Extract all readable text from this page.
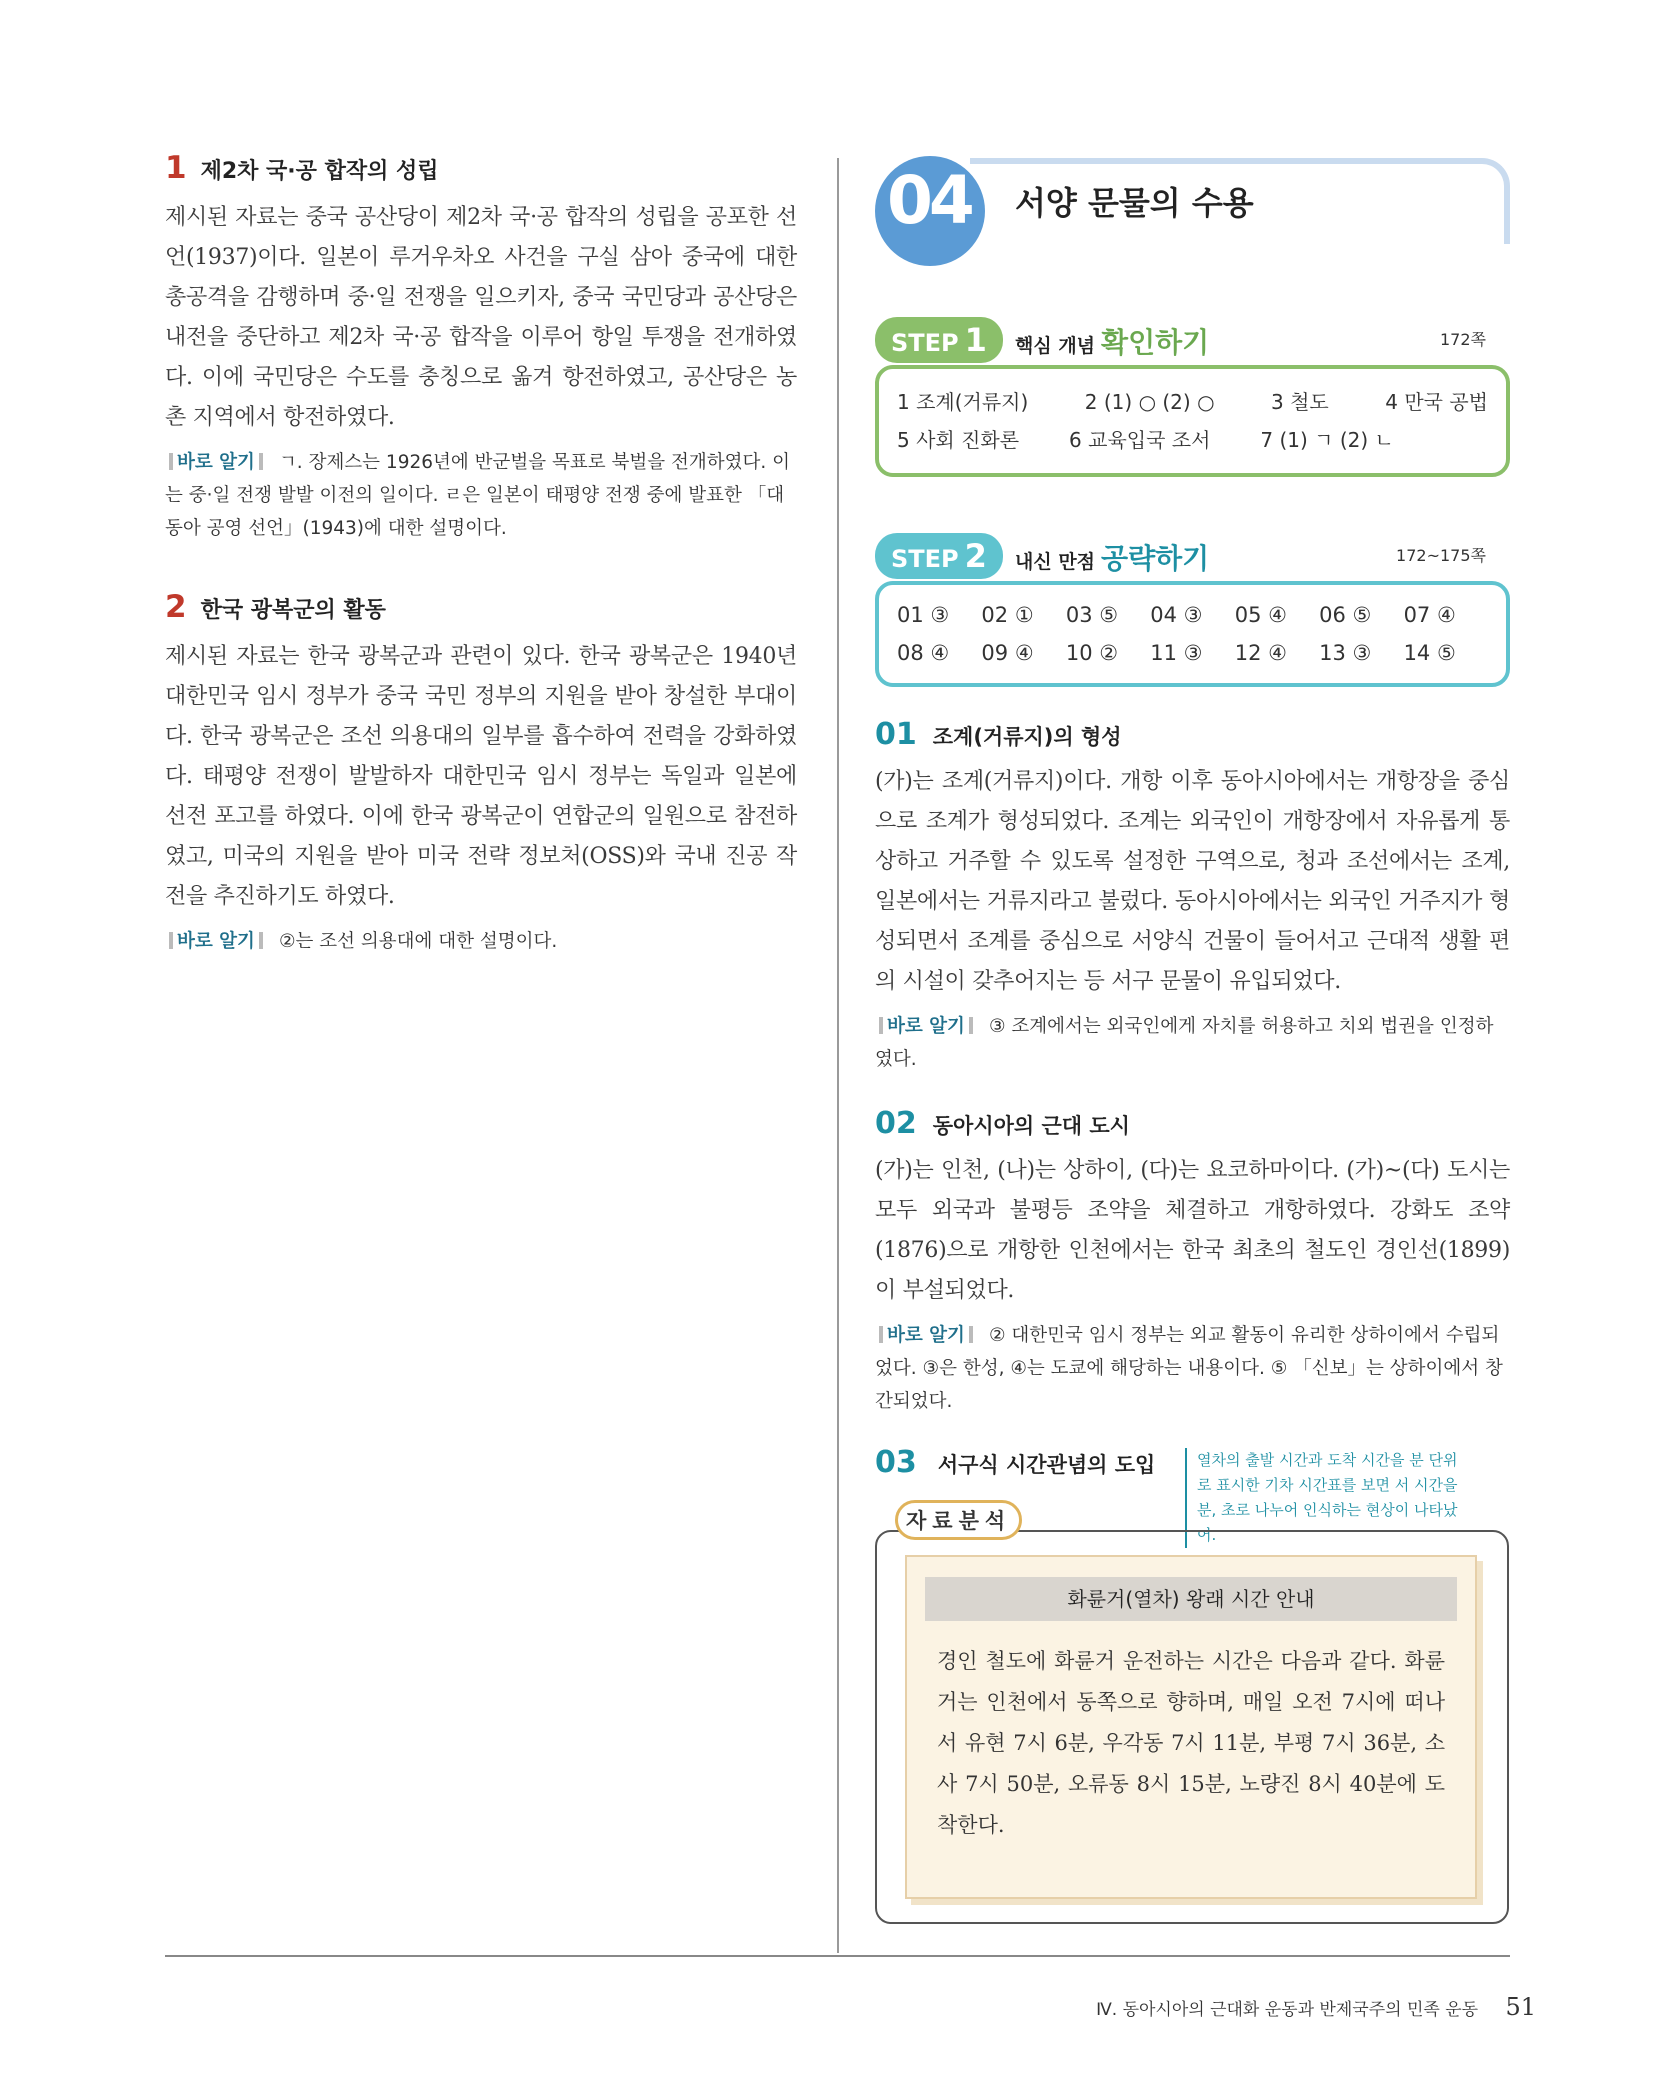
1 제2차 국·공 합작의 성립
제시된 자료는 중국 공산당이 제2차 국·공 합작의 성립을 공포한 선언(1937)이다. 일본이 루거우차오 사건을 구실 삼아 중국에 대한 총공격을 감행하며 중·일 전쟁을 일으키자, 중국 국민당과 공산당은 내전을 중단하고 제2차 국·공 합작을 이루어 항일 투쟁을 전개하였다. 이에 국민당은 수도를 충칭으로 옮겨 항전하였고, 공산당은 농촌 지역에서 항전하였다.
바로 알기 ㄱ. 장제스는 1926년에 반군벌을 목표로 북벌을 전개하였다. 이는 중·일 전쟁 발발 이전의 일이다. ㄹ은 일본이 태평양 전쟁 중에 발표한 「대동아 공영 선언」(1943)에 대한 설명이다.
2 한국 광복군의 활동
제시된 자료는 한국 광복군과 관련이 있다. 한국 광복군은 1940년 대한민국 임시 정부가 중국 국민 정부의 지원을 받아 창설한 부대이다. 한국 광복군은 조선 의용대의 일부를 흡수하여 전력을 강화하였다. 태평양 전쟁이 발발하자 대한민국 임시 정부는 독일과 일본에 선전 포고를 하였다. 이에 한국 광복군이 연합군의 일원으로 참전하였고, 미국의 지원을 받아 미국 전략 정보처(OSS)와 국내 진공 작전을 추진하기도 하였다.
바로 알기 ②는 조선 의용대에 대한 설명이다.
04 서양 문물의 수용
STEP 1 핵심 개념 확인하기	172쪽
1 조계(거류지)	2 (1) ○ (2) ○	3 철도	4 만국 공법
5 사회 진화론	6 교육입국 조서	7 (1) ㄱ (2) ㄴ
STEP 2 내신 만점 공략하기	172~175쪽
01 ③	02 ①	03 ⑤	04 ③	05 ④	06 ⑤	07 ④
08 ④	09 ④	10 ②	11 ③	12 ④	13 ③	14 ⑤
01 조계(거류지)의 형성
(가)는 조계(거류지)이다. 개항 이후 동아시아에서는 개항장을 중심으로 조계가 형성되었다. 조계는 외국인이 개항장에서 자유롭게 통상하고 거주할 수 있도록 설정한 구역으로, 청과 조선에서는 조계, 일본에서는 거류지라고 불렀다. 동아시아에서는 외국인 거주지가 형성되면서 조계를 중심으로 서양식 건물이 들어서고 근대적 생활 편의 시설이 갖추어지는 등 서구 문물이 유입되었다.
바로 알기 ③ 조계에서는 외국인에게 자치를 허용하고 치외 법권을 인정하였다.
02 동아시아의 근대 도시
(가)는 인천, (나)는 상하이, (다)는 요코하마이다. (가)~(다) 도시는 모두 외국과 불평등 조약을 체결하고 개항하였다. 강화도 조약(1876)으로 개항한 인천에서는 한국 최초의 철도인 경인선(1899)이 부설되었다.
바로 알기 ② 대한민국 임시 정부는 외교 활동이 유리한 상하이에서 수립되었다. ③은 한성, ④는 도쿄에 해당하는 내용이다. ⑤ 「신보」는 상하이에서 창간되었다.
03 서구식 시간관념의 도입	열차의 출발 시간과 도착 시간을 분 단위로 표시한 기차 시간표를 보면 서 시간을 분, 초로 나누어 인식하는 현상이 나타났어.
자료분석
화륜거(열차) 왕래 시간 안내
경인 철도에 화륜거 운전하는 시간은 다음과 같다. 화륜거는 인천에서 동쪽으로 향하며, 매일 오전 7시에 떠나서 유현 7시 6분, 우각동 7시 11분, 부평 7시 36분, 소사 7시 50분, 오류동 8시 15분, 노량진 8시 40분에 도착한다.
Ⅳ. 동아시아의 근대화 운동과 반제국주의 민족 운동 51
